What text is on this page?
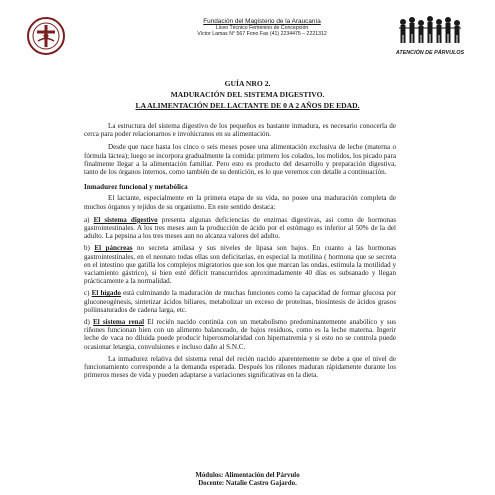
Fundación del Magisterio de la Araucanía
Liceo Técnico Femenino de Concepción
Víctor Lamas N° 567 Fono Fax (41) 2234475 – 2221312
ATENCIÓN DE PÁRVULOS
GUÍA NRO 2.
MADURACIÓN DEL SISTEMA DIGESTIVO.
LA ALIMENTACIÓN DEL LACTANTE DE 0 A 2 AÑOS DE EDAD.

La estructura del sistema digestivo de los pequeños es bastante inmadura, es necesario conocerla de cerca para poder relacionarnos e involúcranos en su alimentación.

Desde que nace hasta los cinco o seis meses posee una alimentación exclusiva de leche (materna o fórmula láctea); luego se incorpora gradualmente la comida: primero los colados, los molidos, los picado para finalmente llegar a la alimentación familiar. Pero esto es producto del desarrollo y preparación digestiva, tanto de los órganos internos, como también de su dentición, es lo que veremos con detalle a continuación.

Inmadurez funcional y metabólica

El lactante, especialmente en la primera etapa de su vida, no posee una maduración completa de muchos órganos y tejidos de su organismo. En este sentido destaca:

a) El sistema digestivo presenta algunas deficiencias de enzimas digestivas, así como de hormonas gastrointestinales. A los tres meses aun la producción de ácido por el estómago es inferior al 50% de la del adulto. La pepsina a los tres meses aun no alcanza valores del adulto.

b) El páncreas no secreta amilasa y sus niveles de lipasa son bajos. En cuanto a las hormonas gastrointestinales, en el neonato todas ellas son deficitarias, en especial la motilina ( hormona que se secreta en el intestino que gatilla los complejos migratorios que son los que marcan las ondas, estimula la motilidad y vaciamiento gástrico), si bien esté déficit transcurridos aproximadamente 40 días es subsanado y llegan prácticamente a la normalidad.

c) El hígado está culminando la maduración de muchas funciones como la capacidad de formar glucosa por gluconeogénesis, sintetizar ácidos biliares, metabolizar un exceso de proteínas, biosíntesis de ácidos grasos poliinsaturados de cadena larga, etc.

d) El sistema renal El recién nacido continúa con un metabolismo predominantemente anabólico y sus riñones funcionan bien con un alimento balanceado, de bajos residuos, como es la leche materna. Ingerir leche de vaca no diluida puede producir hiperosmolaridad con hipernatremia y si esto no se controla puede ocasionar letargia, convulsiones e incluso daño al S.N.C.

La inmadurez relativa del sistema renal del recién nacido aparentemente se debe a que el nivel de funcionamiento corresponde a la demanda esperada. Después los riñones maduran rápidamente durante los primeros meses de vida y pueden adaptarse a variaciones significativas en la dieta.

Módulos: Alimentación del Párvulo
Docente: Natalie Castro Gajardo.
